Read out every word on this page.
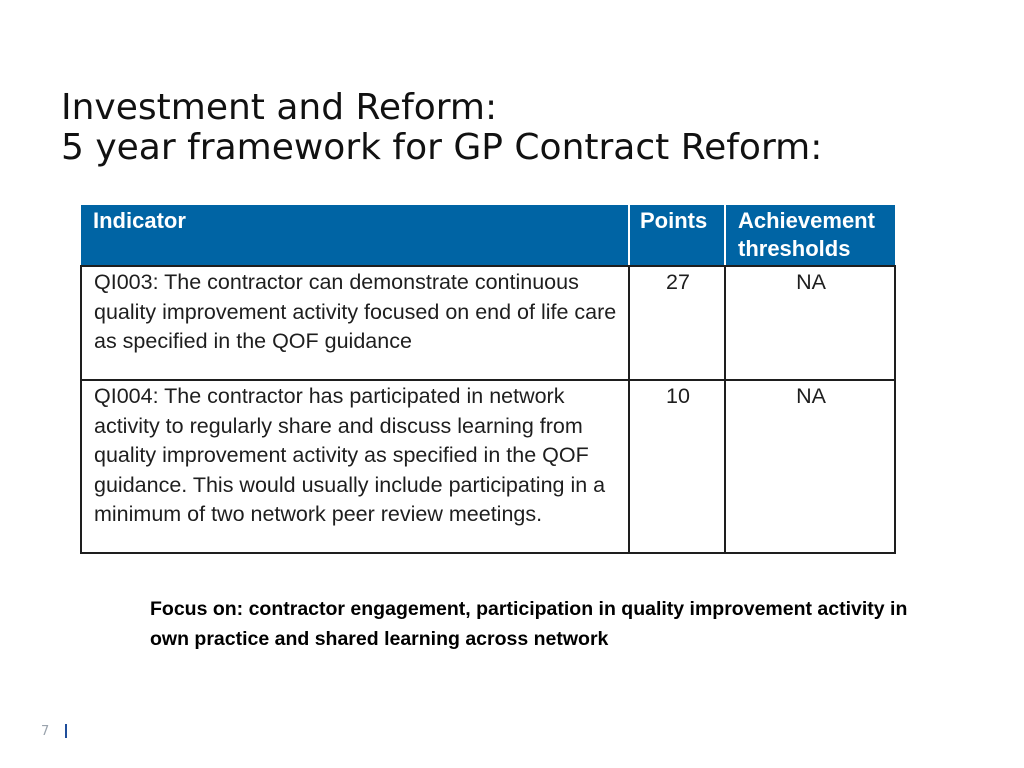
Investment and Reform:
5 year framework for GP Contract Reform:
Indicator	Points	Achievement
thresholds
QI003: The contractor can demonstrate continuous quality improvement activity focused on end of life care as specified in the QOF guidance	27	NA
QI004: The contractor has participated in network activity to regularly share and discuss learning from quality improvement activity as specified in the QOF guidance. This would usually include participating in a minimum of two network peer review meetings.	10	NA
Focus on: contractor engagement, participation in quality improvement activity in own practice and shared learning across network
7
